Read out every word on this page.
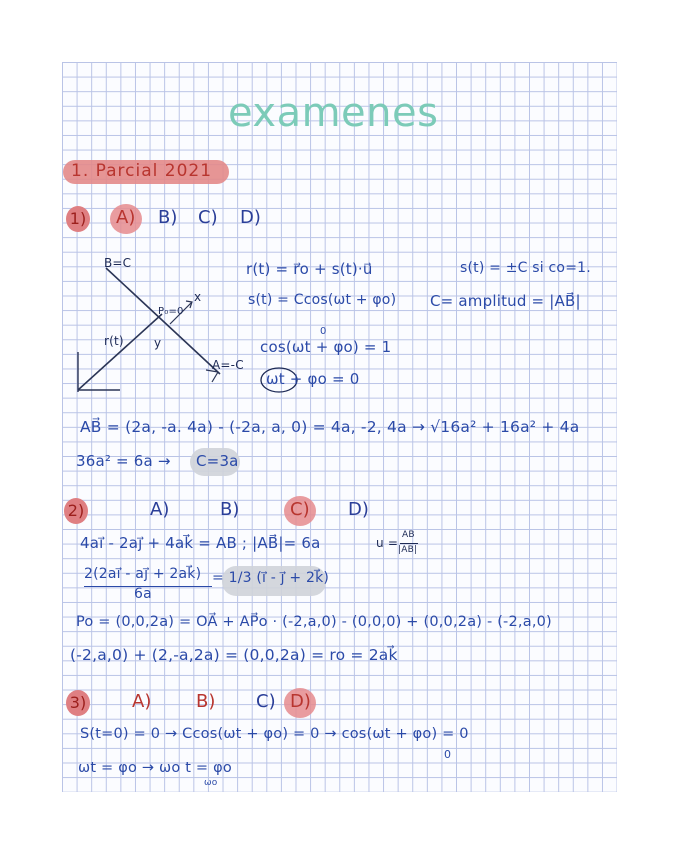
examenes
1. Parcial 2021
1) A) B) C) D)
B=C
A=-C
r(t)
P₀=0
y
x
r(t) = r⃗o + s(t)·u⃗
s(t) = Ccos(ωt + φo)
s(t) = ±C si co=1.
C= amplitud = |AB⃗|
0
cos(ωt + φo) = 1
ωt + φo = 0
AB⃗ = (2a, -a. 4a) - (-2a, a, 0) = 4a, -2, 4a → √16a² + 16a² + 4a
36a² = 6a → C=3a
2)	A)	B)	C) D)
4ai⃗ - 2aj⃗ + 4ak⃗ = AB ; |AB⃗|= 6a	u =
AB
|AB|
2(2ai⃗ - aj⃗ + 2ak⃗)
6a
= 1/3 (i⃗ - j⃗ + 2k⃗)
Po = (0,0,2a) = OA⃗ + AP⃗o · (-2,a,0) - (0,0,0) + (0,0,2a) - (-2,a,0)
(-2,a,0) + (2,-a,2a) = (0,0,2a) = ro = 2ak⃗
3)	A) B) C) D)
S(t=0) = 0 → Ccos(ωt + φo) = 0 → cos(ωt + φo) = 0
0
ωt = φo → ωo t = φo
ωo
